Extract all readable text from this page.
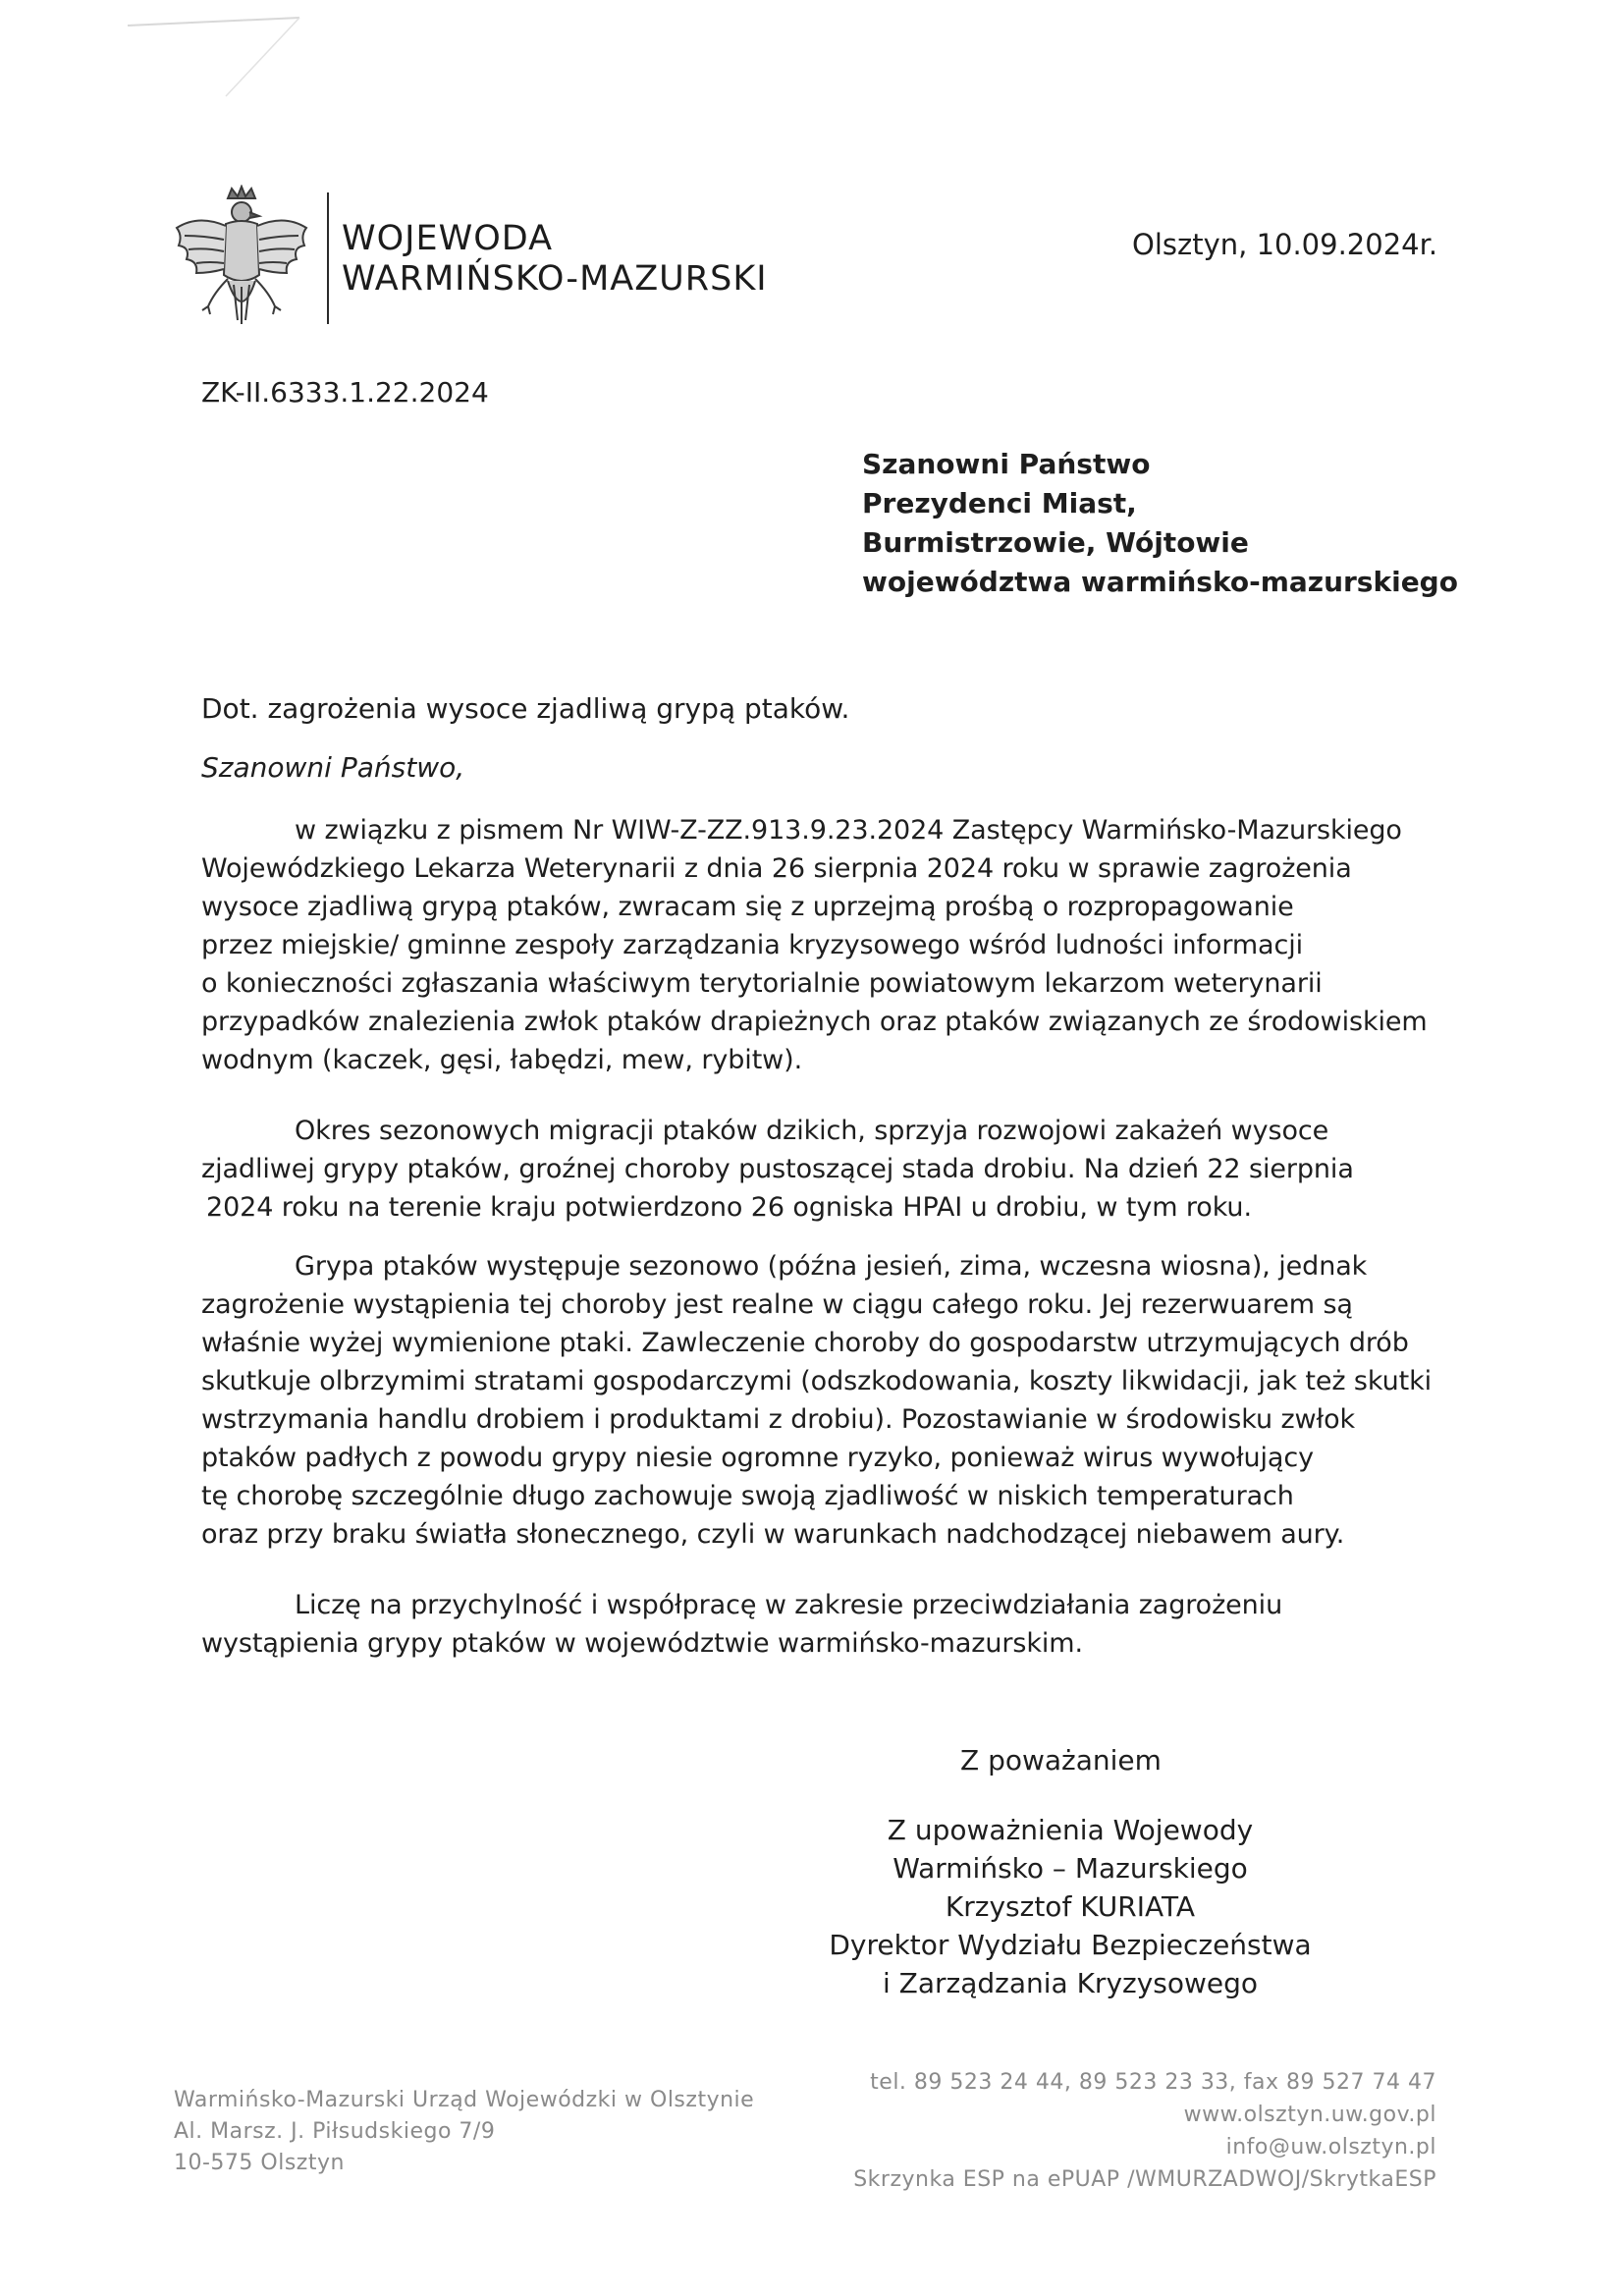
WOJEWODA
WARMIŃSKO-MAZURSKI
Olsztyn, 10.09.2024r.
ZK-II.6333.1.22.2024
Szanowni Państwo
Prezydenci Miast,
Burmistrzowie, Wójtowie
województwa warmińsko-mazurskiego
Dot. zagrożenia wysoce zjadliwą grypą ptaków.
Szanowni Państwo,
w związku z pismem Nr WIW-Z-ZZ.913.9.23.2024 Zastępcy Warmińsko-Mazurskiego
Wojewódzkiego Lekarza Weterynarii z dnia 26 sierpnia 2024 roku w sprawie zagrożenia
wysoce zjadliwą grypą ptaków, zwracam się z uprzejmą prośbą o rozpropagowanie
przez miejskie/ gminne zespoły zarządzania kryzysowego wśród ludności informacji
o konieczności zgłaszania właściwym terytorialnie powiatowym lekarzom weterynarii
przypadków znalezienia zwłok ptaków drapieżnych oraz ptaków związanych ze środowiskiem
wodnym (kaczek, gęsi, łabędzi, mew, rybitw).
Okres sezonowych migracji ptaków dzikich, sprzyja rozwojowi zakażeń wysoce
zjadliwej grypy ptaków, groźnej choroby pustoszącej stada drobiu. Na dzień 22 sierpnia
2024 roku na terenie kraju potwierdzono 26 ogniska HPAI u drobiu, w tym roku.
Grypa ptaków występuje sezonowo (późna jesień, zima, wczesna wiosna), jednak
zagrożenie wystąpienia tej choroby jest realne w ciągu całego roku. Jej rezerwuarem są
właśnie wyżej wymienione ptaki. Zawleczenie choroby do gospodarstw utrzymujących drób
skutkuje olbrzymimi stratami gospodarczymi (odszkodowania, koszty likwidacji, jak też skutki
wstrzymania handlu drobiem i produktami z drobiu). Pozostawianie w środowisku zwłok
ptaków padłych z powodu grypy niesie ogromne ryzyko, ponieważ wirus wywołujący
tę chorobę szczególnie długo zachowuje swoją zjadliwość w niskich temperaturach
oraz przy braku światła słonecznego, czyli w warunkach nadchodzącej niebawem aury.
Liczę na przychylność i współpracę w zakresie przeciwdziałania zagrożeniu
wystąpienia grypy ptaków w województwie warmińsko-mazurskim.
Z poważaniem
Z upoważnienia Wojewody
Warmińsko – Mazurskiego
Krzysztof KURIATA
Dyrektor Wydziału Bezpieczeństwa
i Zarządzania Kryzysowego
Warmińsko-Mazurski Urząd Wojewódzki w Olsztynie
Al. Marsz. J. Piłsudskiego 7/9
10-575 Olsztyn
tel. 89 523 24 44, 89 523 23 33, fax 89 527 74 47
www.olsztyn.uw.gov.pl
info@uw.olsztyn.pl
Skrzynka ESP na ePUAP /WMURZADWOJ/SkrytkaESP
